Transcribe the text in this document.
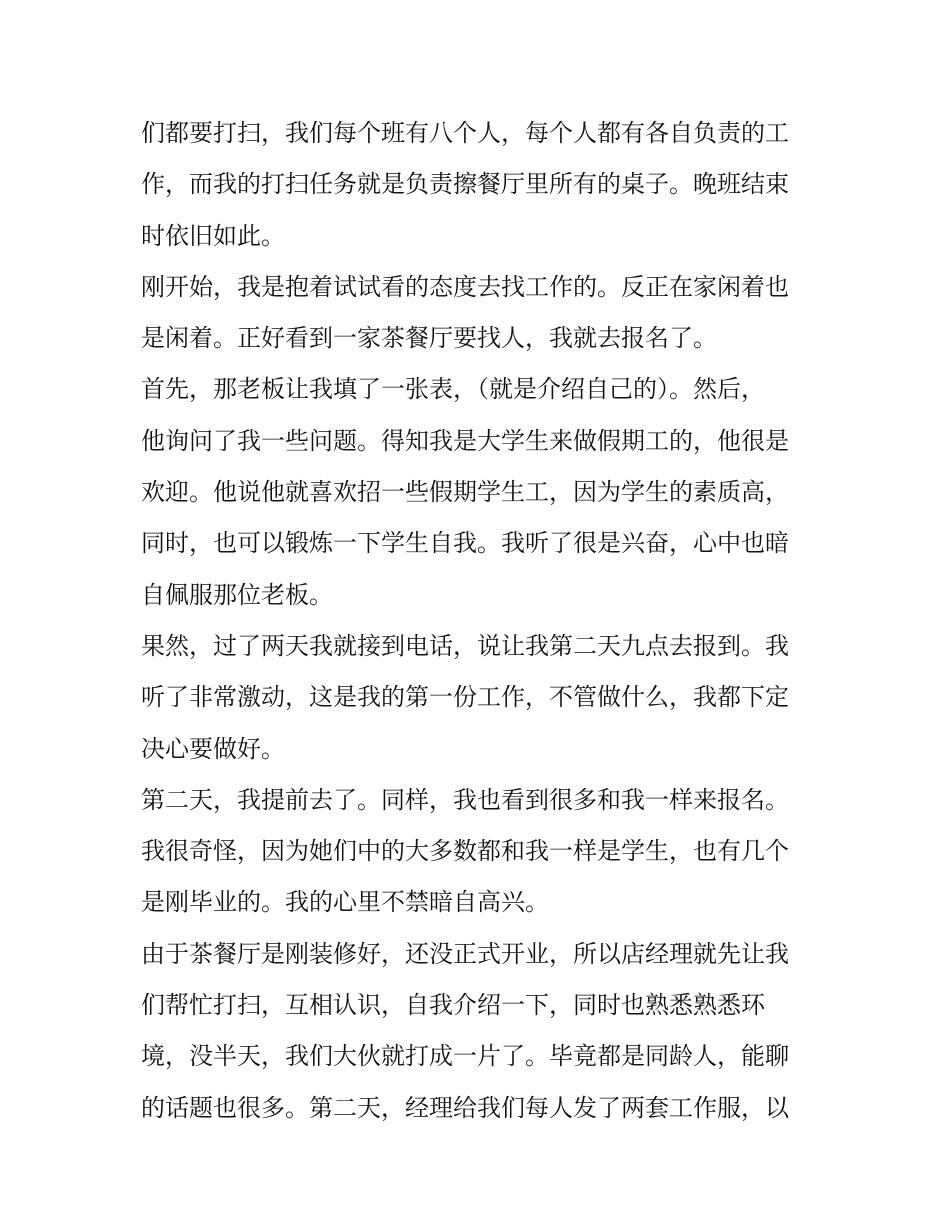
们都要打扫，我们每个班有八个人，每个人都有各自负责的工
作，而我的打扫任务就是负责擦餐厅里所有的桌子。晚班结束
时依旧如此。
刚开始，我是抱着试试看的态度去找工作的。反正在家闲着也
是闲着。正好看到一家茶餐厅要找人，我就去报名了。
首先，那老板让我填了一张表，（就是介绍自己的）。然后，
他询问了我一些问题。得知我是大学生来做假期工的，他很是
欢迎。他说他就喜欢招一些假期学生工，因为学生的素质高，
同时，也可以锻炼一下学生自我。我听了很是兴奋，心中也暗
自佩服那位老板。
果然，过了两天我就接到电话，说让我第二天九点去报到。我
听了非常激动，这是我的第一份工作，不管做什么，我都下定
决心要做好。
第二天，我提前去了。同样，我也看到很多和我一样来报名。
我很奇怪，因为她们中的大多数都和我一样是学生，也有几个
是刚毕业的。我的心里不禁暗自高兴。
由于茶餐厅是刚装修好，还没正式开业，所以店经理就先让我
们帮忙打扫，互相认识，自我介绍一下，同时也熟悉熟悉环
境，没半天，我们大伙就打成一片了。毕竟都是同龄人，能聊
的话题也很多。第二天，经理给我们每人发了两套工作服，以
